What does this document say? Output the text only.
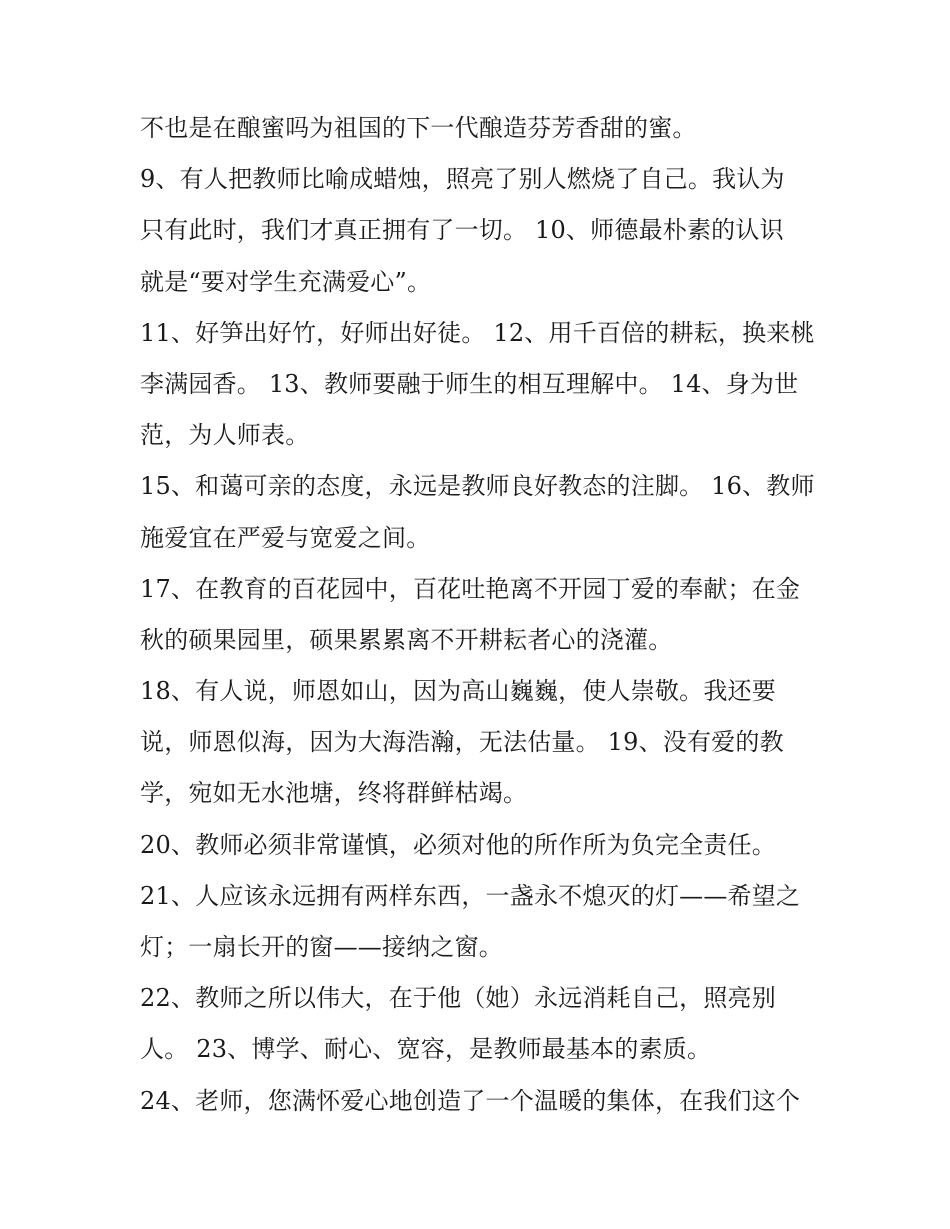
不也是在酿蜜吗为祖国的下一代酿造芬芳香甜的蜜。
9、有人把教师比喻成蜡烛，照亮了别人燃烧了自己。我认为
只有此时，我们才真正拥有了一切。 10、师德最朴素的认识
就是“要对学生充满爱心”。
11、好笋出好竹，好师出好徒。 12、用千百倍的耕耘，换来桃
李满园香。 13、教师要融于师生的相互理解中。 14、身为世
范，为人师表。
15、和蔼可亲的态度，永远是教师良好教态的注脚。 16、教师
施爱宜在严爱与宽爱之间。
17、在教育的百花园中，百花吐艳离不开园丁爱的奉献；在金
秋的硕果园里，硕果累累离不开耕耘者心的浇灌。
18、有人说，师恩如山，因为高山巍巍，使人崇敬。我还要
说，师恩似海，因为大海浩瀚，无法估量。 19、没有爱的教
学，宛如无水池塘，终将群鲜枯竭。
20、教师必须非常谨慎，必须对他的所作所为负完全责任。
21、人应该永远拥有两样东西，一盏永不熄灭的灯——希望之
灯；一扇长开的窗——接纳之窗。
22、教师之所以伟大，在于他（她）永远消耗自己，照亮别
人。 23、博学、耐心、宽容，是教师最基本的素质。
24、老师，您满怀爱心地创造了一个温暖的集体，在我们这个
